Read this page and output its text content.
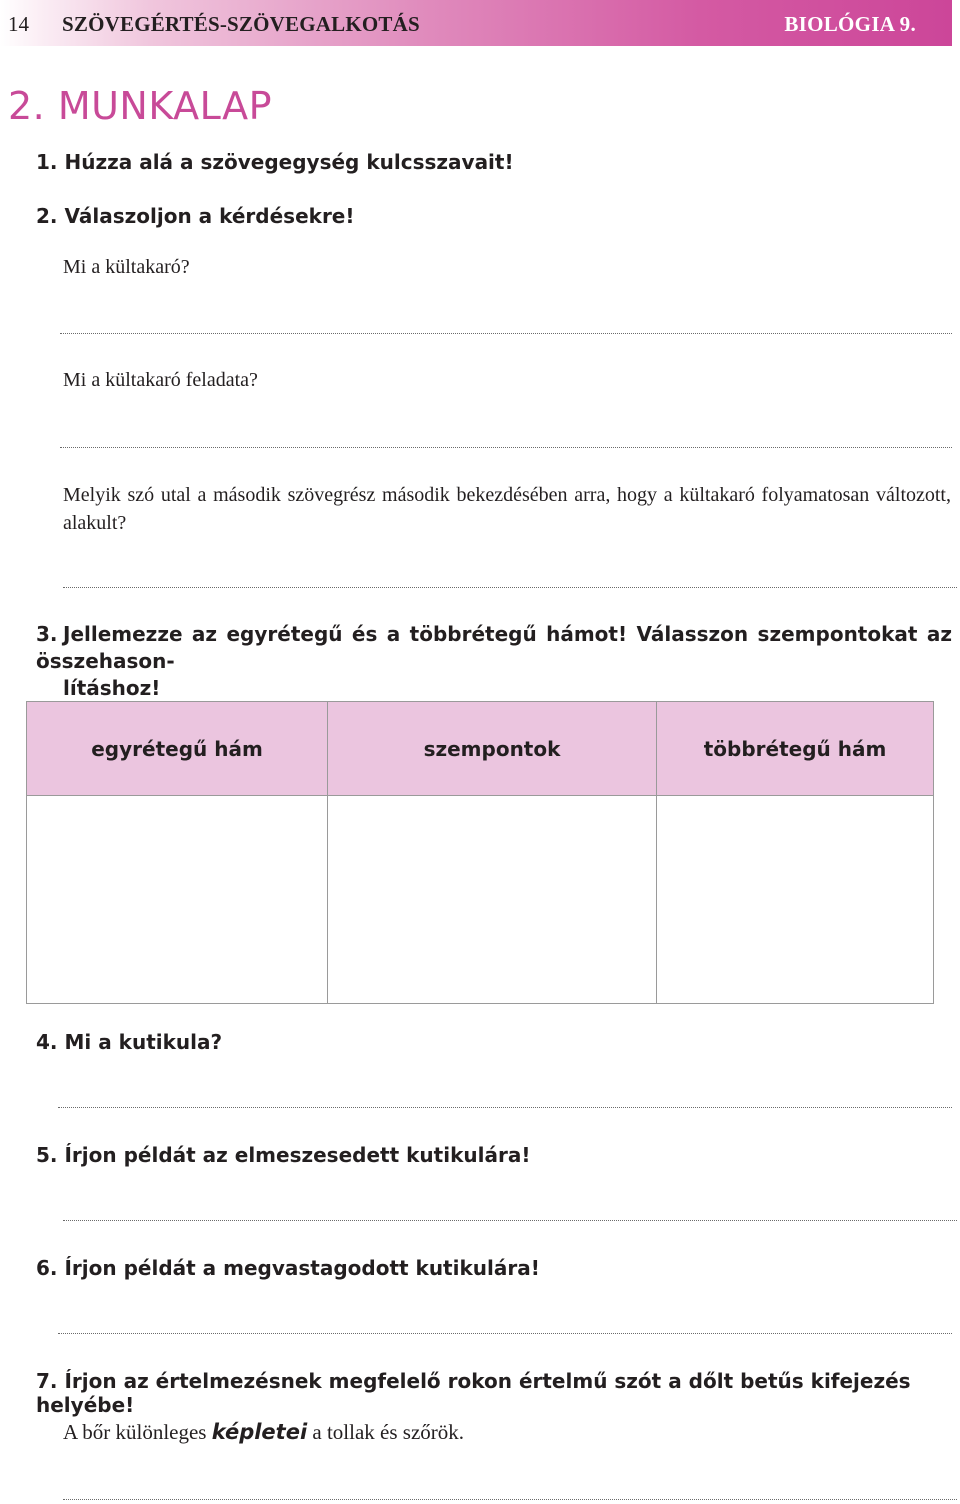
14 SZÖVEGÉRTÉS-SZÖVEGALKOTÁS	BIOLÓGIA 9.
2. MUNKALAP
1. Húzza alá a szövegegység kulcsszavait!
2. Válaszoljon a kérdésekre!
Mi a kültakaró?
Mi a kültakaró feladata?
Melyik szó utal a második szövegrész második bekezdésében arra, hogy a kültakaró folyamatosan változott, alakult?
3. Jellemezze az egyrétegű és a többrétegű hámot! Válasszon szempontokat az összehason-
lításhoz!
egyrétegű hám	szempontok	többrétegű hám

4. Mi a kutikula?
5. Írjon példát az elmeszesedett kutikulára!
6. Írjon példát a megvastagodott kutikulára!
7. Írjon az értelmezésnek megfelelő rokon értelmű szót a dőlt betűs kifejezés helyébe!
A bőr különleges képletei a tollak és szőrök.
